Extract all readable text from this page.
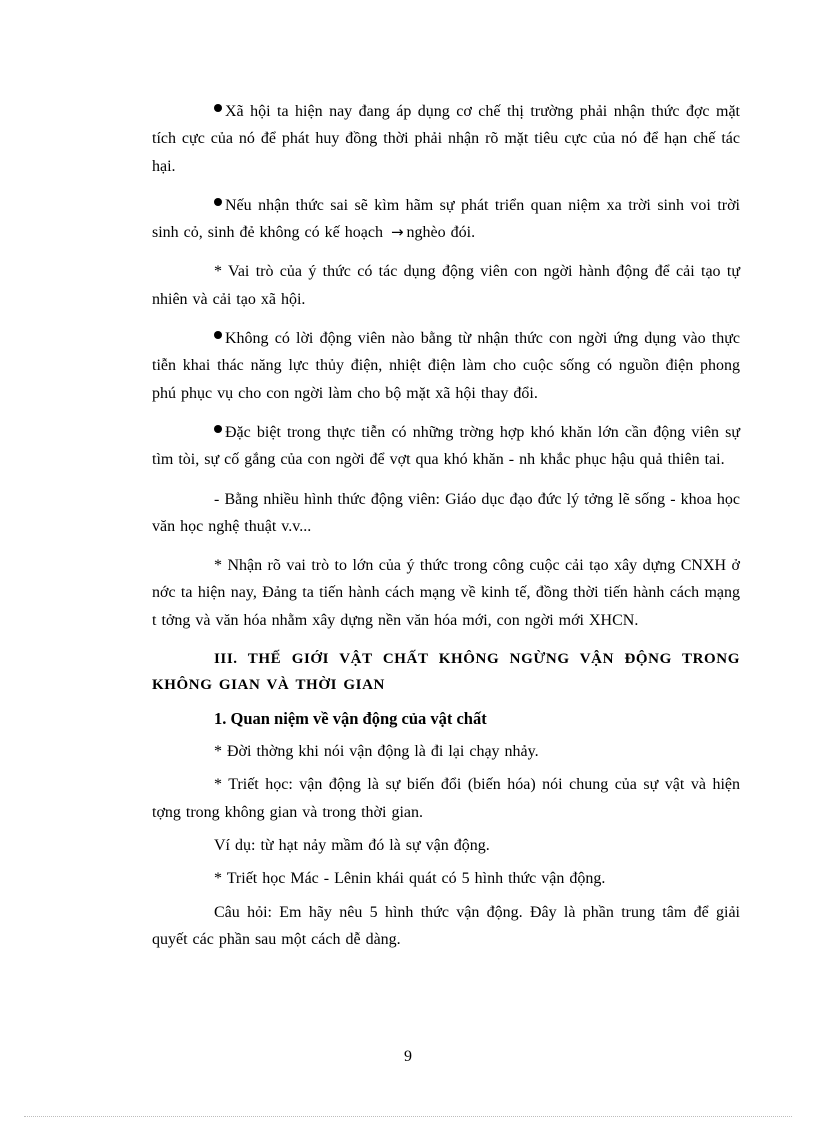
Xã hội ta hiện nay đang áp dụng cơ chế thị trường phải nhận thức đợc mặt tích cực của nó để phát huy đồng thời phải nhận rõ mặt tiêu cực của nó để hạn chế tác hại.

Nếu nhận thức sai sẽ kìm hãm sự phát triển quan niệm xa trời sinh voi trời sinh cỏ, sinh đẻ không có kế hoạch → nghèo đói.

* Vai trò của ý thức có tác dụng động viên con ngời hành động để cải tạo tự nhiên và cải tạo xã hội.

Không có lời động viên nào bằng từ nhận thức con ngời ứng dụng vào thực tiễn khai thác năng lực thủy điện, nhiệt điện làm cho cuộc sống có nguồn điện phong phú phục vụ cho con ngời làm cho bộ mặt xã hội thay đổi.

Đặc biệt trong thực tiễn có những trờng hợp khó khăn lớn cần động viên sự tìm tòi, sự cố gắng của con ngời để vợt qua khó khăn - nh khắc phục hậu quả thiên tai.

- Bằng nhiều hình thức động viên: Giáo dục đạo đức lý tởng lẽ sống - khoa học văn học nghệ thuật v.v...

* Nhận rõ vai trò to lớn của ý thức trong công cuộc cải tạo xây dựng CNXH ở nớc ta hiện nay, Đảng ta tiến hành cách mạng về kinh tế, đồng thời tiến hành cách mạng t tởng và văn hóa nhằm xây dựng nền văn hóa mới, con ngời mới XHCN.

III. THẾ GIỚI VẬT CHẤT KHÔNG NGỪNG VẬN ĐỘNG TRONG KHÔNG GIAN VÀ THỜI GIAN
1. Quan niệm về vận động của vật chất

* Đời thờng khi nói vận động là đi lại chạy nhảy.

* Triết học: vận động là sự biến đổi (biến hóa) nói chung của sự vật và hiện tợng trong không gian và trong thời gian.

Ví dụ: từ hạt nảy mầm đó là sự vận động.

* Triết học Mác - Lênin khái quát có 5 hình thức vận động.

Câu hỏi: Em hãy nêu 5 hình thức vận động. Đây là phần trung tâm để giải quyết các phần sau một cách dễ dàng.

9
